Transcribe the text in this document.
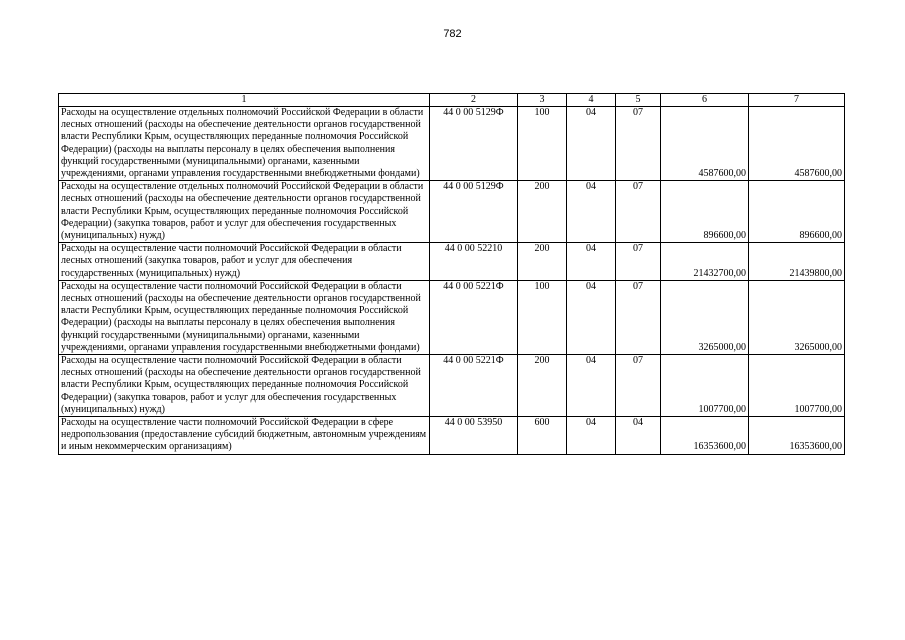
782
1	2	3	4	5	6	7
Расходы на осуществление отдельных полномочий Российской Федерации в области лесных отношений (расходы на обеспечение деятельности органов государственной власти Республики Крым, осуществляющих переданные полномочия Российской Федерации) (расходы на выплаты персоналу в целях обеспечения выполнения функций государственными (муниципальными) органами, казенными учреждениями, органами управления государственными внебюджетными фондами)	44 0 00 5129Ф	100	04	07	4587600,00	4587600,00
Расходы на осуществление отдельных полномочий Российской Федерации в области лесных отношений (расходы на обеспечение деятельности органов государственной власти Республики Крым, осуществляющих переданные полномочия Российской Федерации) (закупка товаров, работ и услуг для обеспечения государственных (муниципальных) нужд)	44 0 00 5129Ф	200	04	07	896600,00	896600,00
Расходы на осуществление части полномочий Российской Федерации в области лесных отношений (закупка товаров, работ и услуг для обеспечения государственных (муниципальных) нужд)	44 0 00 52210	200	04	07	21432700,00	21439800,00
Расходы на осуществление части полномочий Российской Федерации в области лесных отношений (расходы на обеспечение деятельности органов государственной власти Республики Крым, осуществляющих переданные полномочия Российской Федерации) (расходы на выплаты персоналу в целях обеспечения выполнения функций государственными (муниципальными) органами, казенными учреждениями, органами управления государственными внебюджетными фондами)	44 0 00 5221Ф	100	04	07	3265000,00	3265000,00
Расходы на осуществление части полномочий Российской Федерации в области лесных отношений (расходы на обеспечение деятельности органов государственной власти Республики Крым, осуществляющих переданные полномочия Российской Федерации) (закупка товаров, работ и услуг для обеспечения государственных (муниципальных) нужд)	44 0 00 5221Ф	200	04	07	1007700,00	1007700,00
Расходы на осуществление части полномочий Российской Федерации в сфере недропользования (предоставление субсидий бюджетным, автономным учреждениям и иным некоммерческим организациям)	44 0 00 53950	600	04	04	16353600,00	16353600,00
